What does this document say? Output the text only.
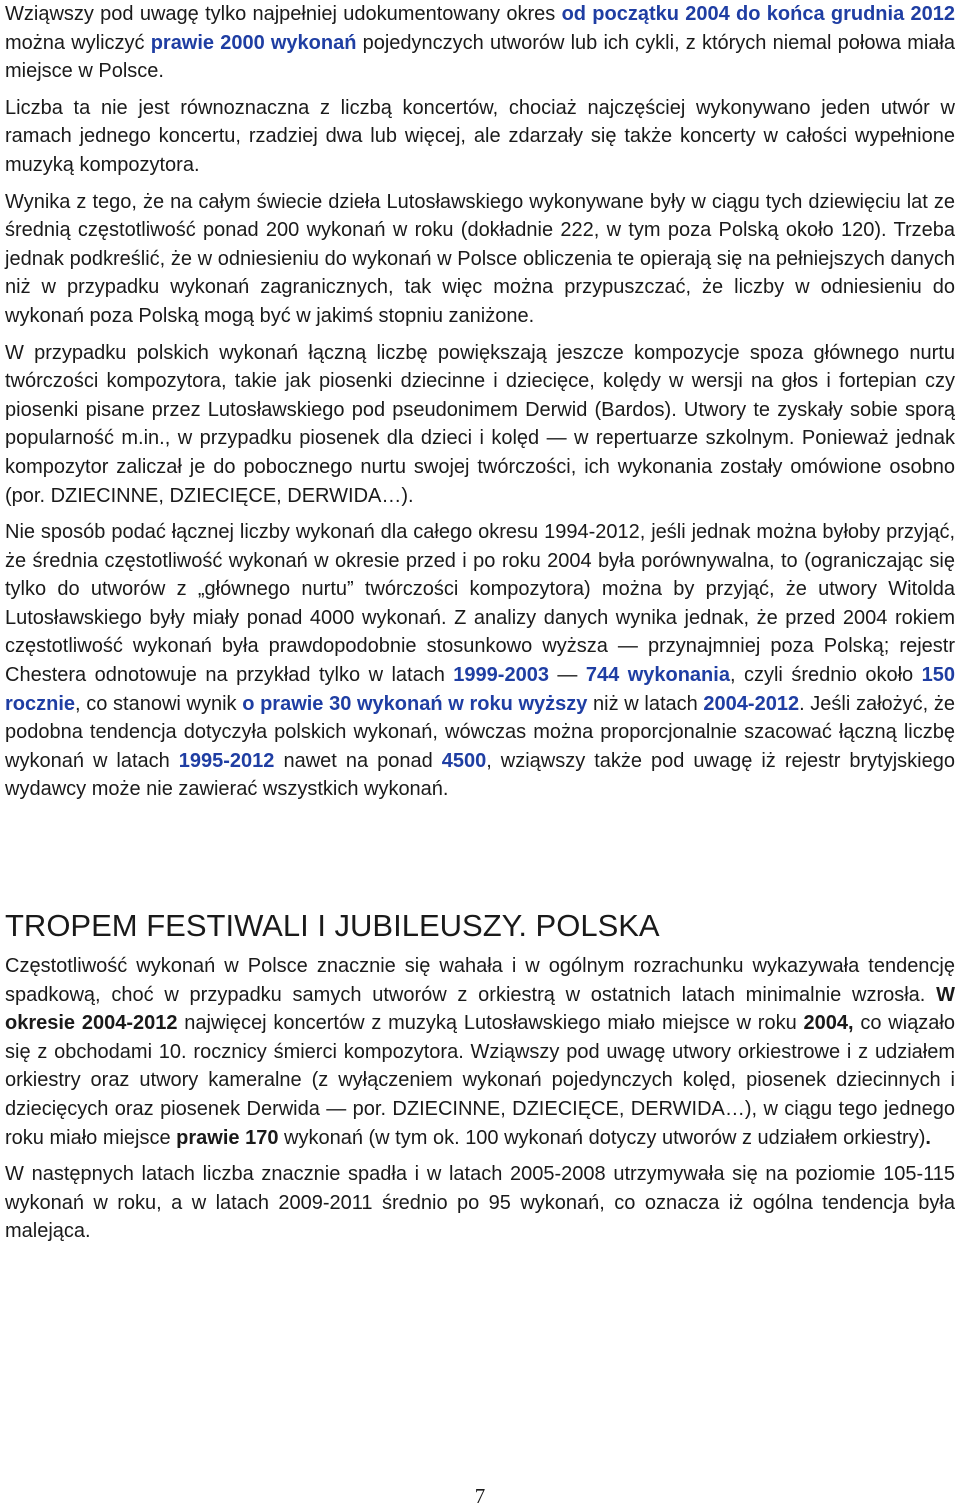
Wziąwszy pod uwagę tylko najpełniej udokumentowany okres od początku 2004 do końca grudnia 2012 można wyliczyć prawie 2000 wykonań pojedynczych utworów lub ich cykli, z których niemal połowa miała miejsce w Polsce.

Liczba ta nie jest równoznaczna z liczbą koncertów, chociaż najczęściej wykonywano jeden utwór w ramach jednego koncertu, rzadziej dwa lub więcej, ale zdarzały się także koncerty w całości wypełnione muzyką kompozytora.

Wynika z tego, że na całym świecie dzieła Lutosławskiego wykonywane były w ciągu tych dziewięciu lat ze średnią częstotliwość ponad 200 wykonań w roku (dokładnie 222, w tym poza Polską około 120). Trzeba jednak podkreślić, że w odniesieniu do wykonań w Polsce obliczenia te opierają się na pełniejszych danych niż w przypadku wykonań zagranicznych, tak więc można przypuszczać, że liczby w odniesieniu do wykonań poza Polską mogą być w jakimś stopniu zaniżone.

W przypadku polskich wykonań łączną liczbę powiększają jeszcze kompozycje spoza głównego nurtu twórczości kompozytora, takie jak piosenki dziecinne i dziecięce, kolędy w wersji na głos i fortepian czy piosenki pisane przez Lutosławskiego pod pseudonimem Derwid (Bardos). Utwory te zyskały sobie sporą popularność m.in., w przypadku piosenek dla dzieci i kolęd — w repertuarze szkolnym. Ponieważ jednak kompozytor zaliczał je do pobocznego nurtu swojej twórczości, ich wykonania zostały omówione osobno (por. DZIECINNE, DZIECIĘCE, DERWIDA…).

Nie sposób podać łącznej liczby wykonań dla całego okresu 1994-2012, jeśli jednak można byłoby przyjąć, że średnia częstotliwość wykonań w okresie przed i po roku 2004 była porównywalna, to (ograniczając się tylko do utworów z „głównego nurtu” twórczości kompozytora) można by przyjąć, że utwory Witolda Lutosławskiego były miały ponad 4000 wykonań. Z analizy danych wynika jednak, że przed 2004 rokiem częstotliwość wykonań była prawdopodobnie stosunkowo wyższa — przynajmniej poza Polską; rejestr Chestera odnotowuje na przykład tylko w latach 1999-2003 — 744 wykonania, czyli średnio około 150 rocznie, co stanowi wynik o prawie 30 wykonań w roku wyższy niż w latach 2004-2012. Jeśli założyć, że podobna tendencja dotyczyła polskich wykonań, wówczas można proporcjonalnie szacować łączną liczbę wykonań w latach 1995-2012 nawet na ponad 4500, wziąwszy także pod uwagę iż rejestr brytyjskiego wydawcy może nie zawierać wszystkich wykonań.

TROPEM FESTIWALI I JUBILEUSZY. POLSKA

Częstotliwość wykonań w Polsce znacznie się wahała i w ogólnym rozrachunku wykazywała tendencję spadkową, choć w przypadku samych utworów z orkiestrą w ostatnich latach minimalnie wzrosła. W okresie 2004-2012 najwięcej koncertów z muzyką Lutosławskiego miało miejsce w roku 2004, co wiązało się z obchodami 10. rocznicy śmierci kompozytora. Wziąwszy pod uwagę utwory orkiestrowe i z udziałem orkiestry oraz utwory kameralne (z wyłączeniem wykonań pojedynczych kolęd, piosenek dziecinnych i dziecięcych oraz piosenek Derwida — por. DZIECINNE, DZIECIĘCE, DERWIDA…), w ciągu tego jednego roku miało miejsce prawie 170 wykonań (w tym ok. 100 wykonań dotyczy utworów z udziałem orkiestry).

W następnych latach liczba znacznie spadła i w latach 2005-2008 utrzymywała się na poziomie 105-115 wykonań w roku, a w latach 2009-2011 średnio po 95 wykonań, co oznacza iż ogólna tendencja była malejąca.

7
